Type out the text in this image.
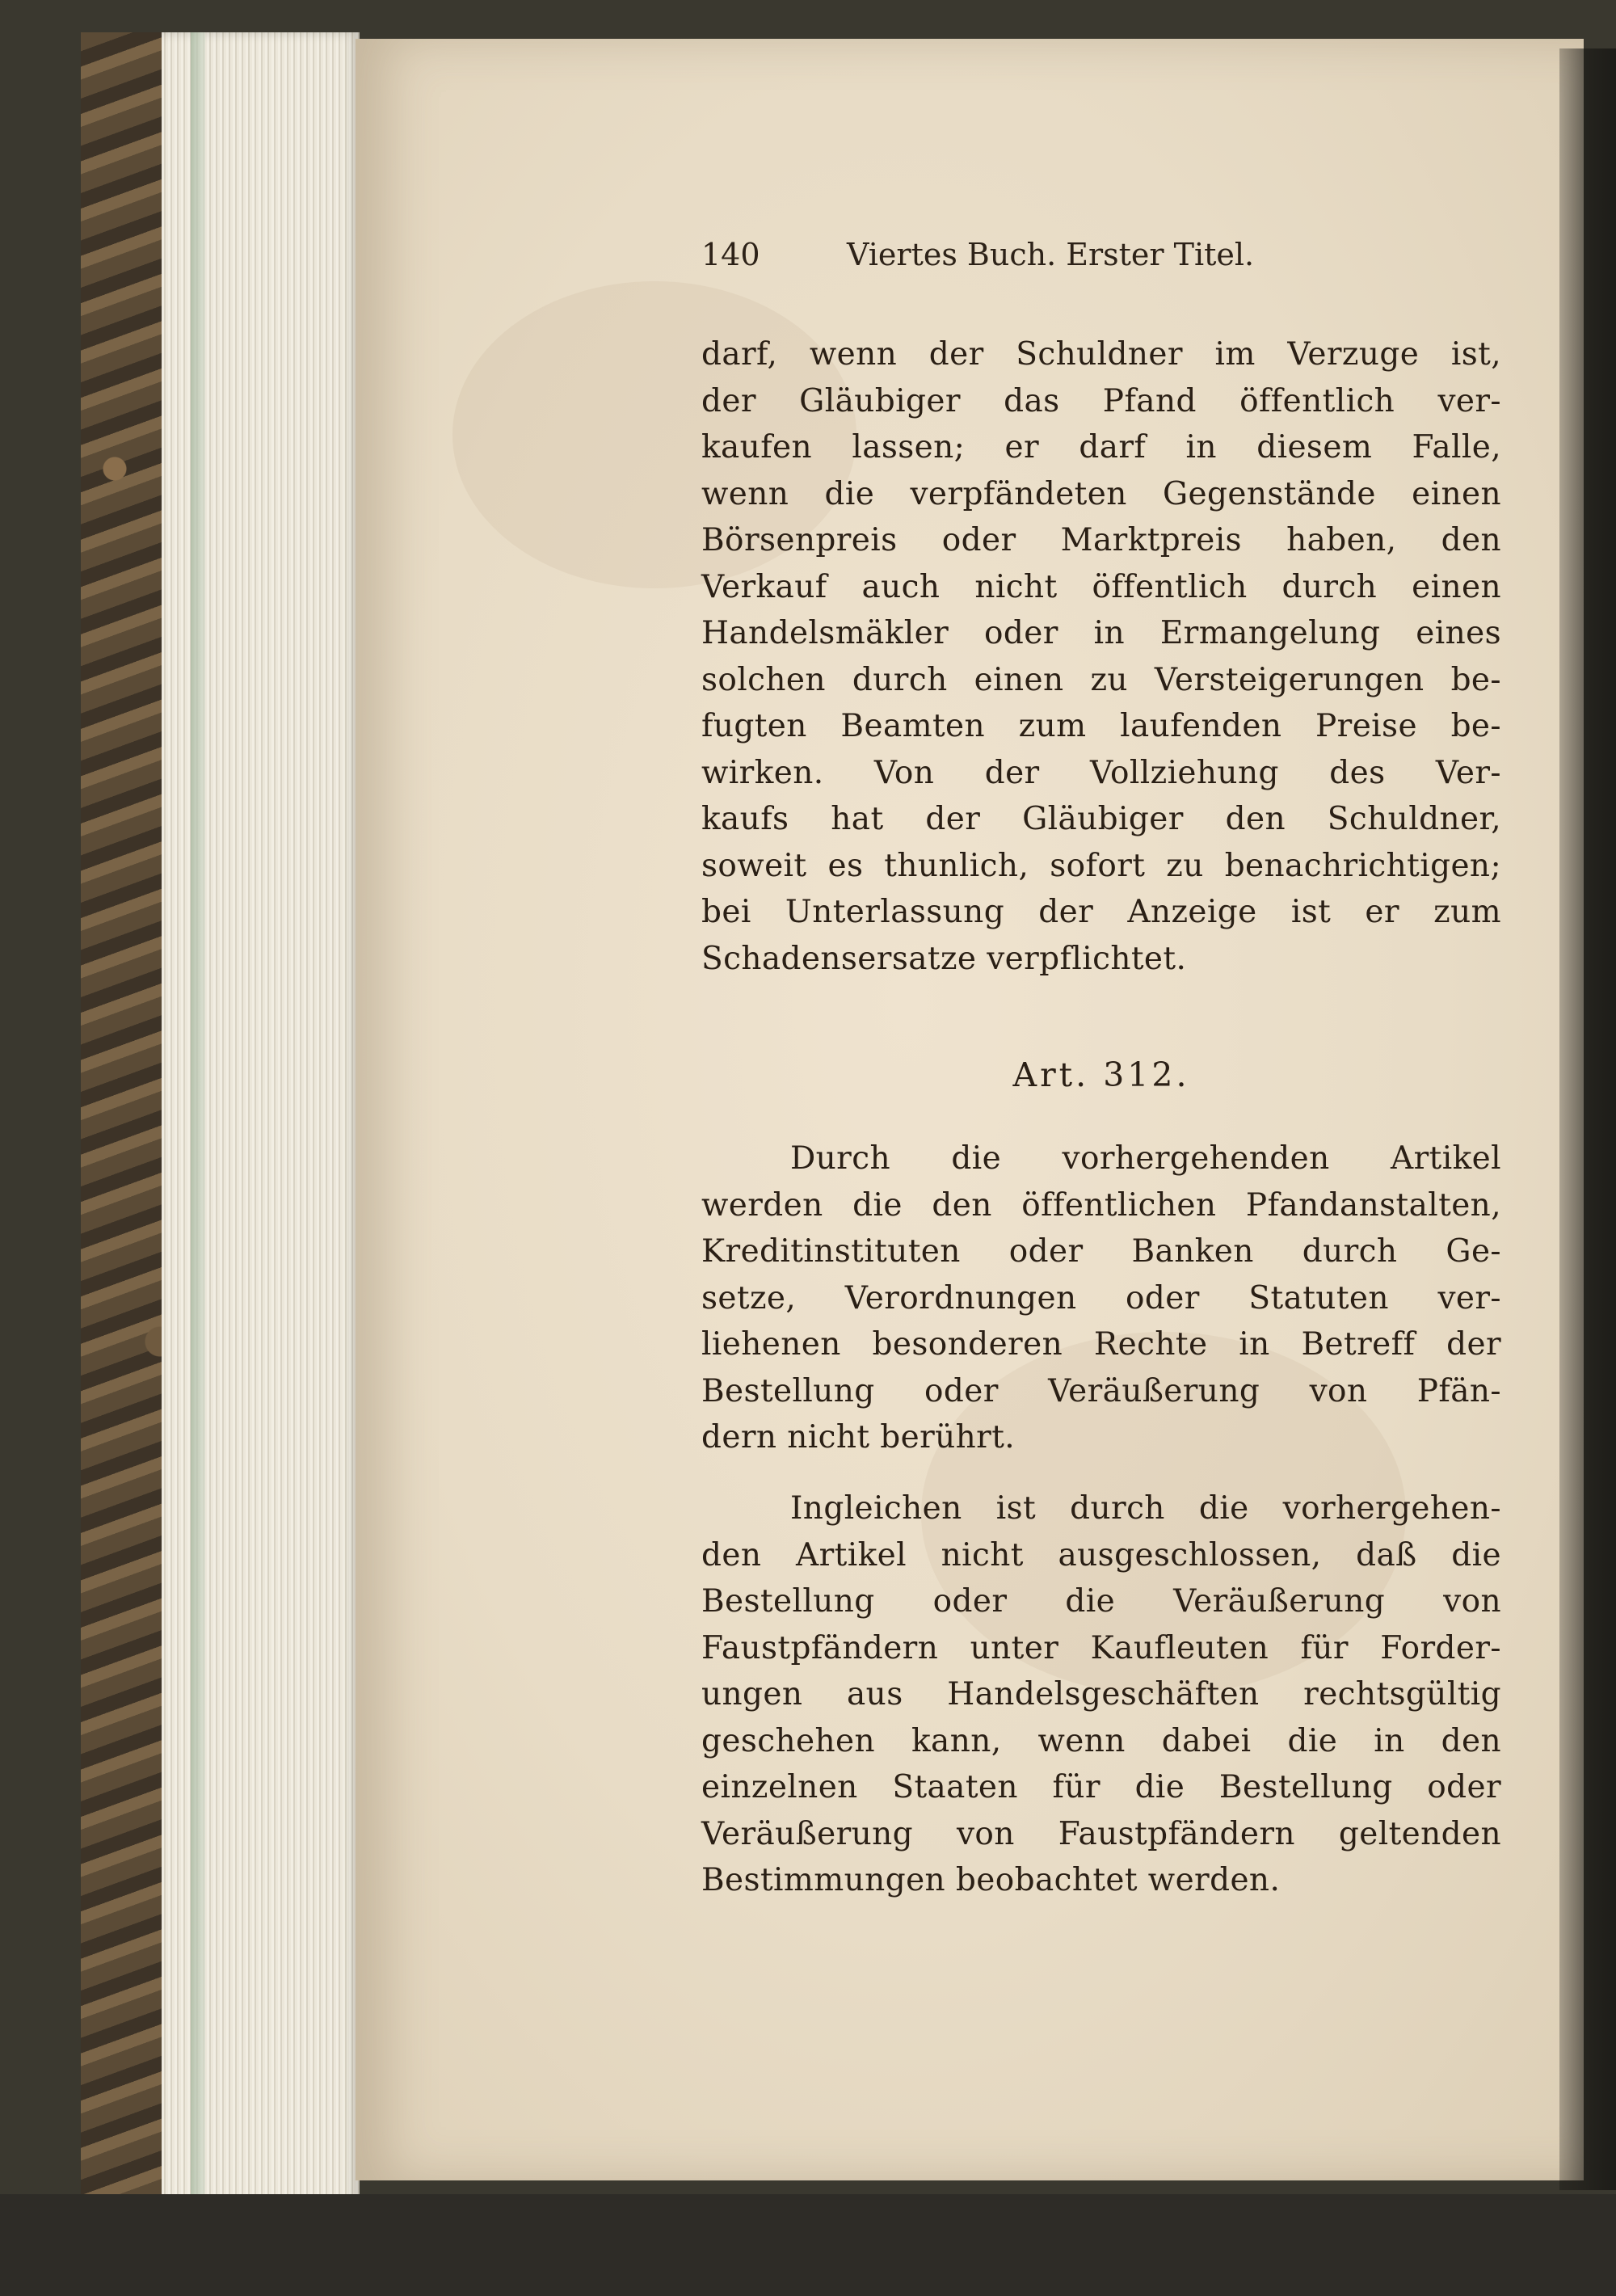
140	Viertes Buch. Erster Titel.
darf, wenn der Schuldner im Verzuge ist,
der Gläubiger das Pfand öffentlich ver-
kaufen lassen; er darf in diesem Falle,
wenn die verpfändeten Gegenstände einen
Börsenpreis oder Marktpreis haben, den
Verkauf auch nicht öffentlich durch einen
Handelsmäkler oder in Ermangelung eines
solchen durch einen zu Versteigerungen be-
fugten Beamten zum laufenden Preise be-
wirken. Von der Vollziehung des Ver-
kaufs hat der Gläubiger den Schuldner,
soweit es thunlich, sofort zu benachrichtigen;
bei Unterlassung der Anzeige ist er zum
Schadensersatze verpflichtet.
Art. 312.
Durch die vorhergehenden Artikel
werden die den öffentlichen Pfandanstalten,
Kreditinstituten oder Banken durch Ge-
setze, Verordnungen oder Statuten ver-
liehenen besonderen Rechte in Betreff der
Bestellung oder Veräußerung von Pfän-
dern nicht berührt.
Ingleichen ist durch die vorhergehen-
den Artikel nicht ausgeschlossen, daß die
Bestellung oder die Veräußerung von
Faustpfändern unter Kaufleuten für Forder-
ungen aus Handelsgeschäften rechtsgültig
geschehen kann, wenn dabei die in den
einzelnen Staaten für die Bestellung oder
Veräußerung von Faustpfändern geltenden
Bestimmungen beobachtet werden.
